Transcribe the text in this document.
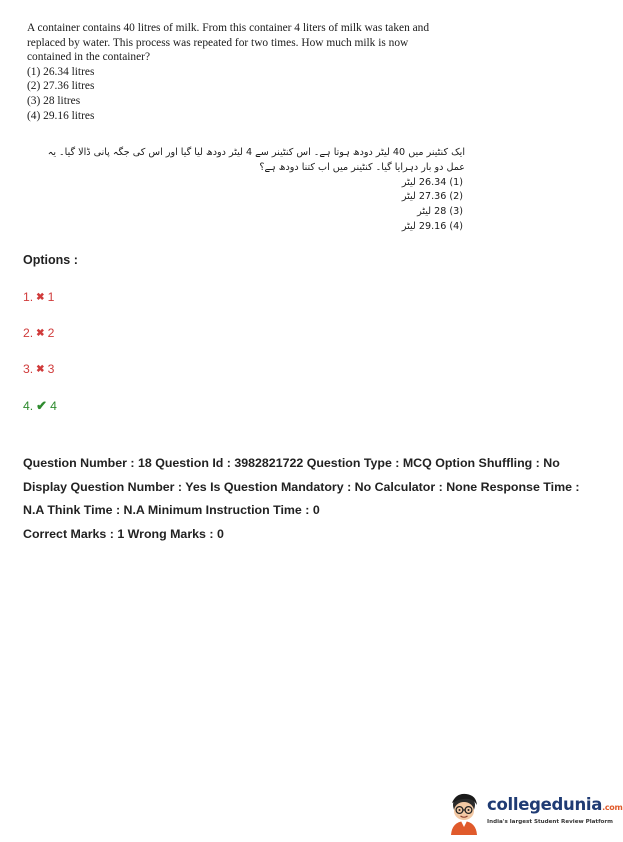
A container contains 40 litres of milk. From this container 4 liters of milk was taken and replaced by water. This process was repeated for two times. How much milk is now contained in the container?

(1) 26.34 litres
(2) 27.36 litres
(3) 28 litres
(4) 29.16 litres

ایک کنٹینر میں 40 لیٹر دودھ ہوتا ہے۔ اس کنٹینر سے 4 لیٹر دودھ لیا گیا اور اس کی جگہ پانی ڈالا گیا۔ یہ عمل دو بار دہرایا گیا۔ کنٹینر میں اب کتنا دودھ ہے؟

(1) 26.34 لیٹر
(2) 27.36 لیٹر
(3) 28 لیٹر
(4) 29.16 لیٹر
Options :
1. ✖ 1
2. ✖ 2
3. ✖ 3
4. ✔ 4
Question Number : 18 Question Id : 3982821722 Question Type : MCQ Option Shuffling : No Display Question Number : Yes Is Question Mandatory : No Calculator : None Response Time : N.A Think Time : N.A Minimum Instruction Time : 0
Correct Marks : 1 Wrong Marks : 0
collegedunia.com
India's largest Student Review Platform
